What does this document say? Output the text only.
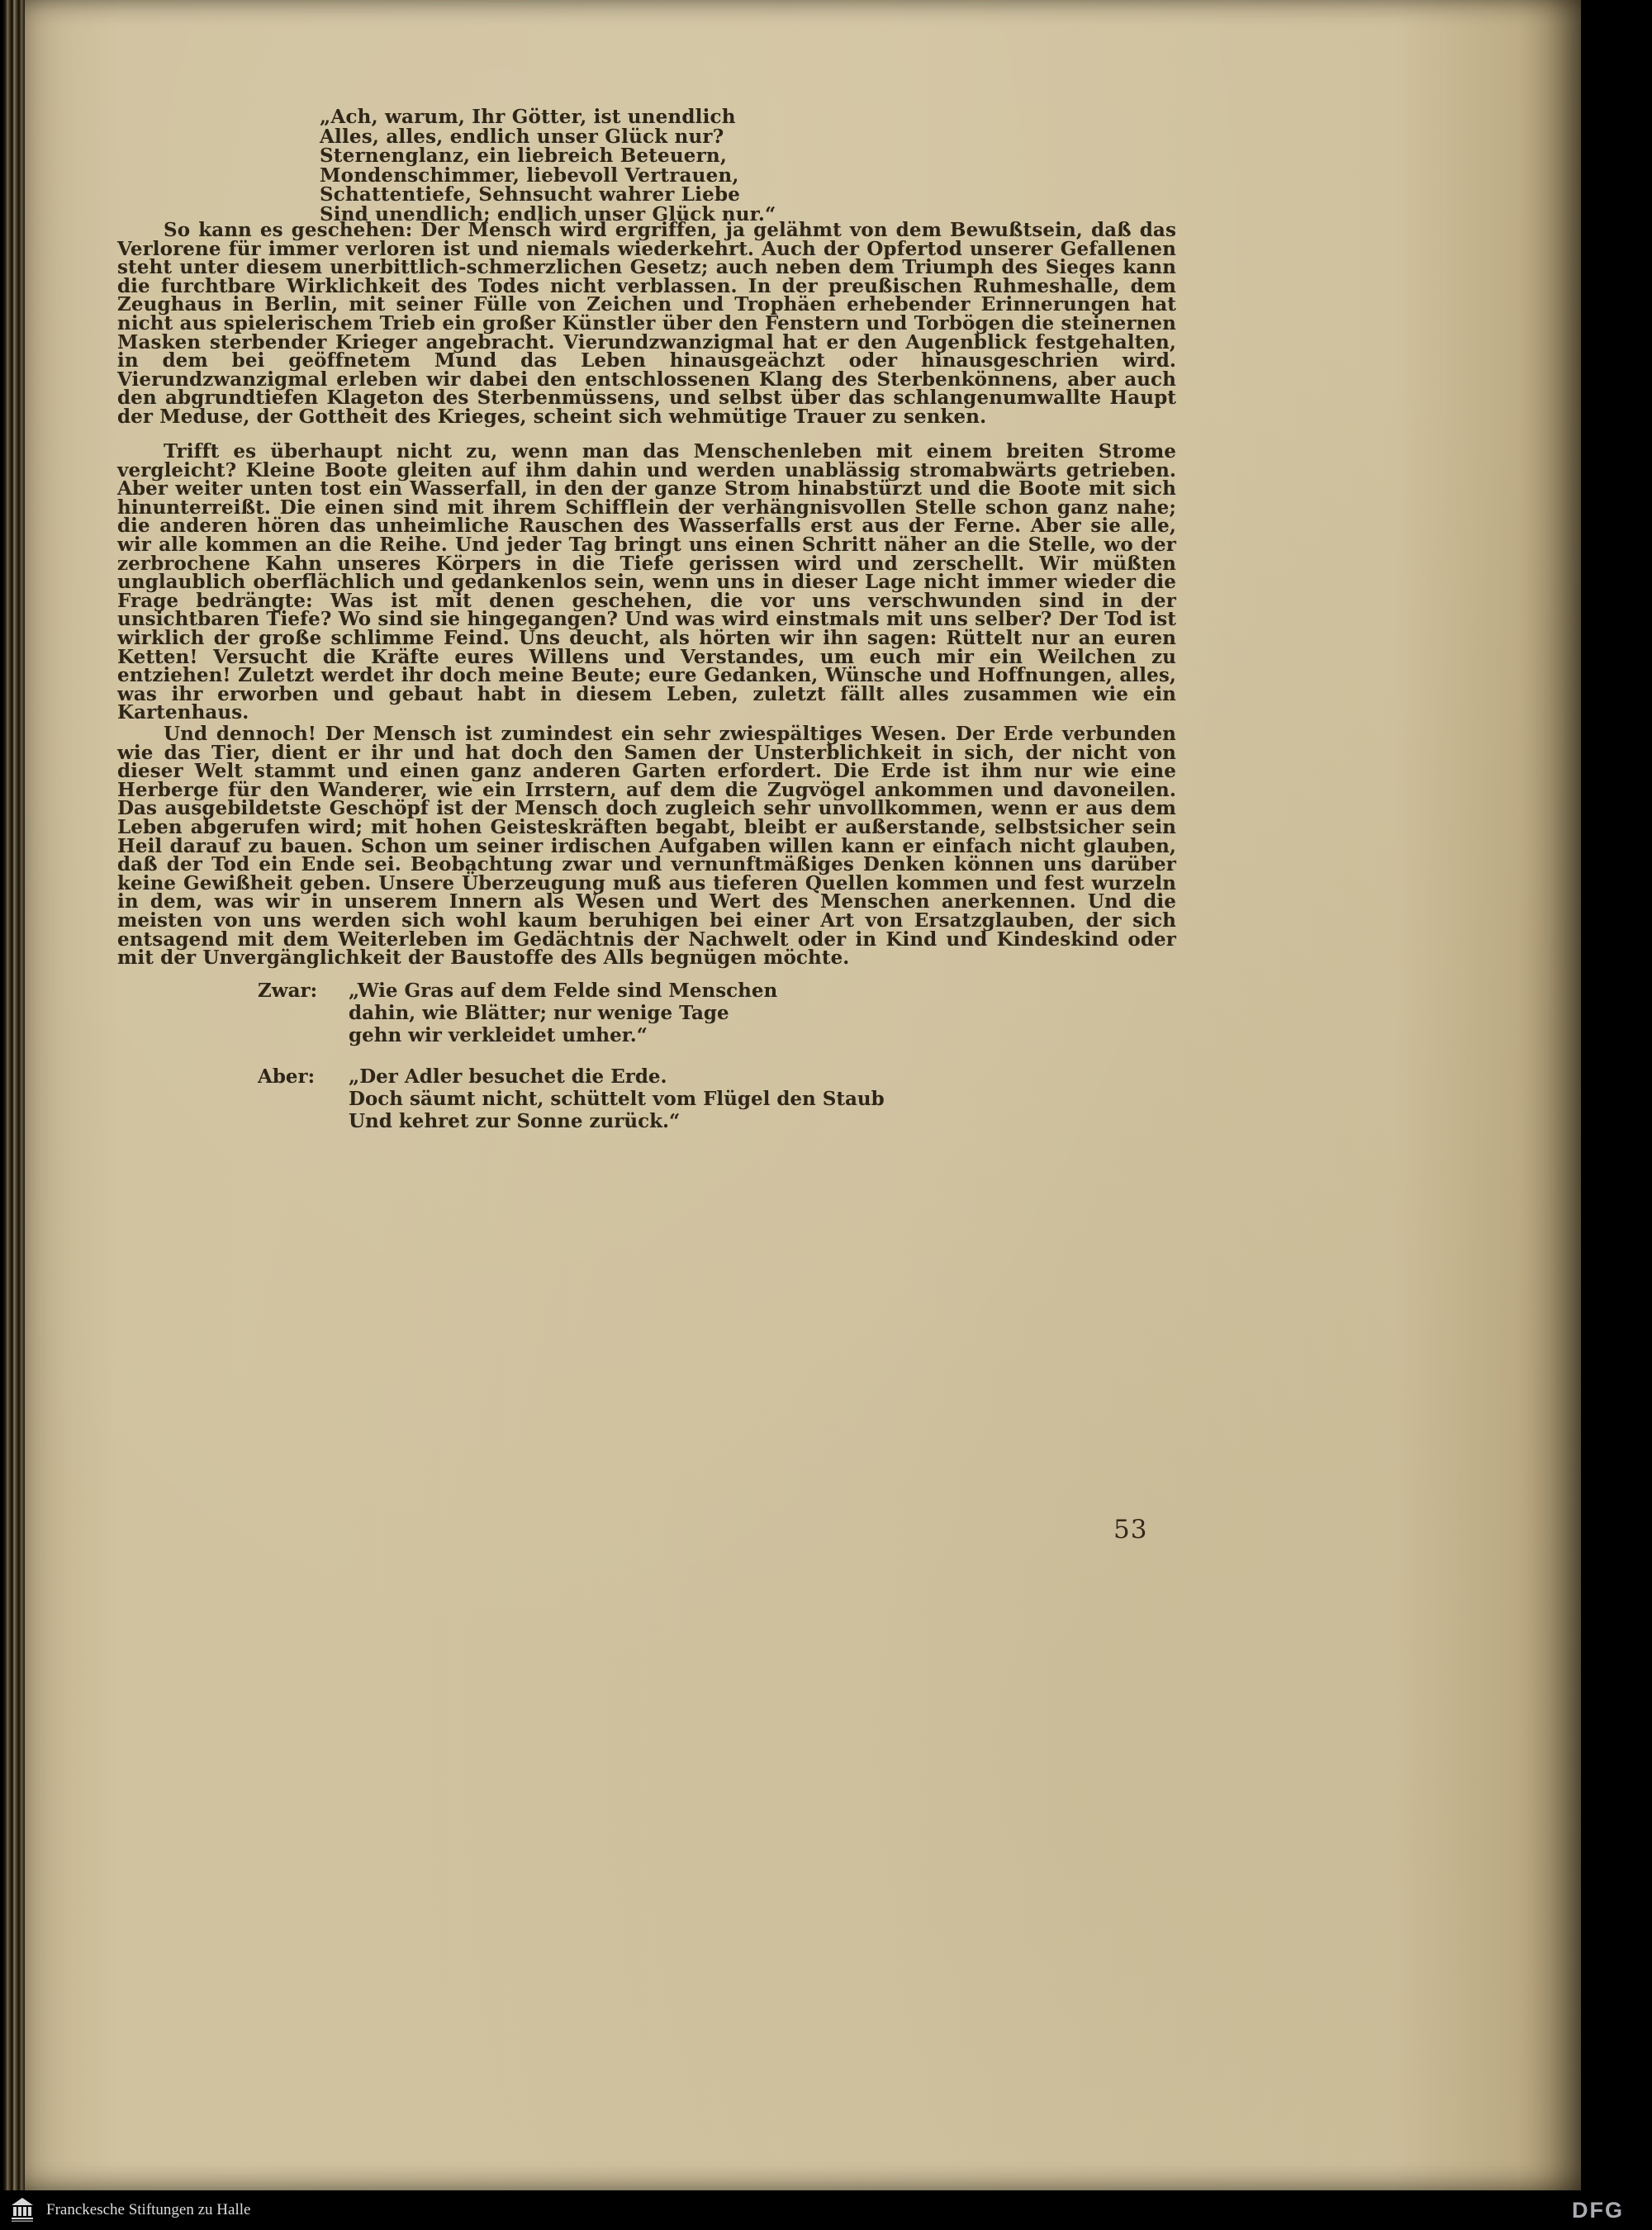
„Ach, warum, Ihr Götter, ist unendlich
Alles, alles, endlich unser Glück nur?
Sternenglanz, ein liebreich Beteuern,
Mondenschimmer, liebevoll Vertrauen,
Schattentiefe, Sehnsucht wahrer Liebe
Sind unendlich; endlich unser Glück nur.“
So kann es geschehen: Der Mensch wird ergriffen, ja gelähmt von dem Bewußtsein, daß das Verlorene für immer verloren ist und niemals wiederkehrt. Auch der Opfertod unserer Gefallenen steht unter diesem unerbittlich-schmerzlichen Gesetz; auch neben dem Triumph des Sieges kann die furchtbare Wirklichkeit des Todes nicht verblassen. In der preußischen Ruhmeshalle, dem Zeughaus in Berlin, mit seiner Fülle von Zeichen und Trophäen erhebender Erinnerungen hat nicht aus spielerischem Trieb ein großer Künstler über den Fenstern und Torbögen die steinernen Masken sterbender Krieger angebracht. Vierundzwanzigmal hat er den Augenblick festgehalten, in dem bei geöffnetem Mund das Leben hinausgeächzt oder hinausgeschrien wird. Vierundzwanzigmal erleben wir dabei den entschlossenen Klang des Sterbenkönnens, aber auch den abgrundtiefen Klageton des Sterbenmüssens, und selbst über das schlangenumwallte Haupt der Meduse, der Gottheit des Krieges, scheint sich wehmütige Trauer zu senken.
Trifft es überhaupt nicht zu, wenn man das Menschenleben mit einem breiten Strome vergleicht? Kleine Boote gleiten auf ihm dahin und werden unablässig stromabwärts getrieben. Aber weiter unten tost ein Wasserfall, in den der ganze Strom hinabstürzt und die Boote mit sich hinunterreißt. Die einen sind mit ihrem Schifflein der verhängnisvollen Stelle schon ganz nahe; die anderen hören das unheimliche Rauschen des Wasserfalls erst aus der Ferne. Aber sie alle, wir alle kommen an die Reihe. Und jeder Tag bringt uns einen Schritt näher an die Stelle, wo der zerbrochene Kahn unseres Körpers in die Tiefe gerissen wird und zerschellt. Wir müßten unglaublich oberflächlich und gedankenlos sein, wenn uns in dieser Lage nicht immer wieder die Frage bedrängte: Was ist mit denen geschehen, die vor uns verschwunden sind in der unsichtbaren Tiefe? Wo sind sie hingegangen? Und was wird einstmals mit uns selber? Der Tod ist wirklich der große schlimme Feind. Uns deucht, als hörten wir ihn sagen: Rüttelt nur an euren Ketten! Versucht die Kräfte eures Willens und Verstandes, um euch mir ein Weilchen zu entziehen! Zuletzt werdet ihr doch meine Beute; eure Gedanken, Wünsche und Hoffnungen, alles, was ihr erworben und gebaut habt in diesem Leben, zuletzt fällt alles zusammen wie ein Kartenhaus.
Und dennoch! Der Mensch ist zumindest ein sehr zwiespältiges Wesen. Der Erde verbunden wie das Tier, dient er ihr und hat doch den Samen der Unsterblichkeit in sich, der nicht von dieser Welt stammt und einen ganz anderen Garten erfordert. Die Erde ist ihm nur wie eine Herberge für den Wanderer, wie ein Irrstern, auf dem die Zugvögel ankommen und davoneilen. Das ausgebildetste Geschöpf ist der Mensch doch zugleich sehr unvollkommen, wenn er aus dem Leben abgerufen wird; mit hohen Geisteskräften begabt, bleibt er außerstande, selbstsicher sein Heil darauf zu bauen. Schon um seiner irdischen Aufgaben willen kann er einfach nicht glauben, daß der Tod ein Ende sei. Beobachtung zwar und vernunftmäßiges Denken können uns darüber keine Gewißheit geben. Unsere Überzeugung muß aus tieferen Quellen kommen und fest wurzeln in dem, was wir in unserem Innern als Wesen und Wert des Menschen anerkennen. Und die meisten von uns werden sich wohl kaum beruhigen bei einer Art von Ersatzglauben, der sich entsagend mit dem Weiterleben im Gedächtnis der Nachwelt oder in Kind und Kindeskind oder mit der Unvergänglichkeit der Baustoffe des Alls begnügen möchte.
Zwar:	„Wie Gras auf dem Felde sind Menschen
dahin, wie Blätter; nur wenige Tage
gehn wir verkleidet umher.“
Aber:	„Der Adler besuchet die Erde.
Doch säumt nicht, schüttelt vom Flügel den Staub
Und kehret zur Sonne zurück.“
53
Franckesche Stiftungen zu Halle	DFG
